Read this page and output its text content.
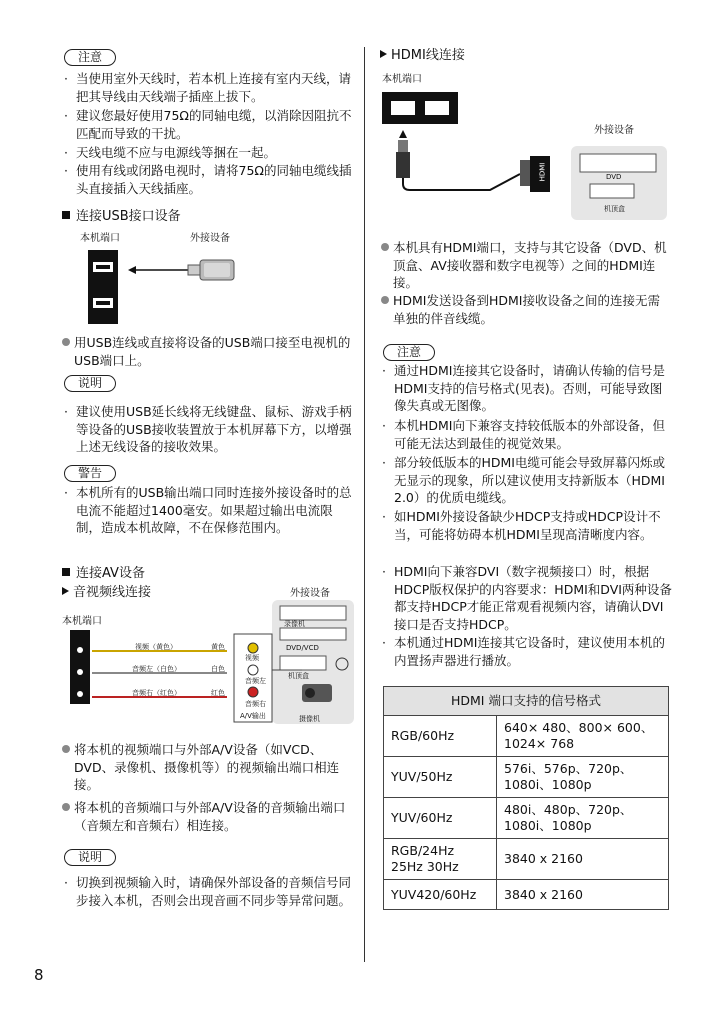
注意
· 当使用室外天线时，若本机上连接有室内天线，请把其导线由天线端子插座上拔下。
· 建议您最好使用75Ω的同轴电缆，以消除因阻抗不匹配而导致的干扰。
· 天线电缆不应与电源线等捆在一起。
· 使用有线或闭路电视时，请将75Ω的同轴电缆线插头直接插入天线插座。
连接USB接口设备
本机端口	外接设备
用USB连线或直接将设备的USB端口接至电视机的USB端口上。
说明
· 建议使用USB延长线将无线键盘、鼠标、游戏手柄等设备的USB接收装置放于本机屏幕下方，以增强上述无线设备的接收效果。
警告
· 本机所有的USB输出端口同时连接外接设备时的总电流不能超过1400毫安。如果超过输出电流限制，造成本机故障，不在保修范围内。
连接AV设备
音视频线连接	外接设备
本机端口	录像机
DVD/VCD
机顶盒
摄像机
视频（黄色）
音频左（白色）
音频右（红色）
黄色
白色
红色
视频
音频左
音频右
A/V输出
将本机的视频端口与外部A/V设备（如VCD、DVD、录像机、摄像机等）的视频输出端口相连接。
将本机的音频端口与外部A/V设备的音频输出端口（音频左和音频右）相连接。
说明
· 切换到视频输入时，请确保外部设备的音频信号同步接入本机，否则会出现音画不同步等异常问题。
HDMI线连接
本机端口
外接设备
HDMI	DVD
机顶盒
本机具有HDMI端口，支持与其它设备（DVD、机顶盒、AV接收器和数字电视等）之间的HDMI连接。
HDMI发送设备到HDMI接收设备之间的连接无需单独的伴音线缆。
注意
· 通过HDMI连接其它设备时，请确认传输的信号是HDMI支持的信号格式(见表)。否则，可能导致图像失真或无图像。
· 本机HDMI向下兼容支持较低版本的外部设备，但可能无法达到最佳的视觉效果。
· 部分较低版本的HDMI电缆可能会导致屏幕闪烁或无显示的现象，所以建议使用支持新版本（HDMI 2.0）的优质电缆线。
· 如HDMI外接设备缺少HDCP支持或HDCP设计不当，可能将妨碍本机HDMI呈现高清晰度内容。
· HDMI向下兼容DVI（数字视频接口）时，根据HDCP版权保护的内容要求：HDMI和DVI两种设备都支持HDCP才能正常观看视频内容，请确认DVI接口是否支持HDCP。
· 本机通过HDMI连接其它设备时，建议使用本机的内置扬声器进行播放。
HDMI 端口支持的信号格式	
RGB/60Hz	640× 480、800× 600、1024× 768
YUV/50Hz	576i、576p、720p、1080i、1080p
YUV/60Hz	480i、480p、720p、1080i、1080p
RGB/24Hz 25Hz 30Hz	3840 x 2160
YUV420/60Hz	3840 x 2160
8
